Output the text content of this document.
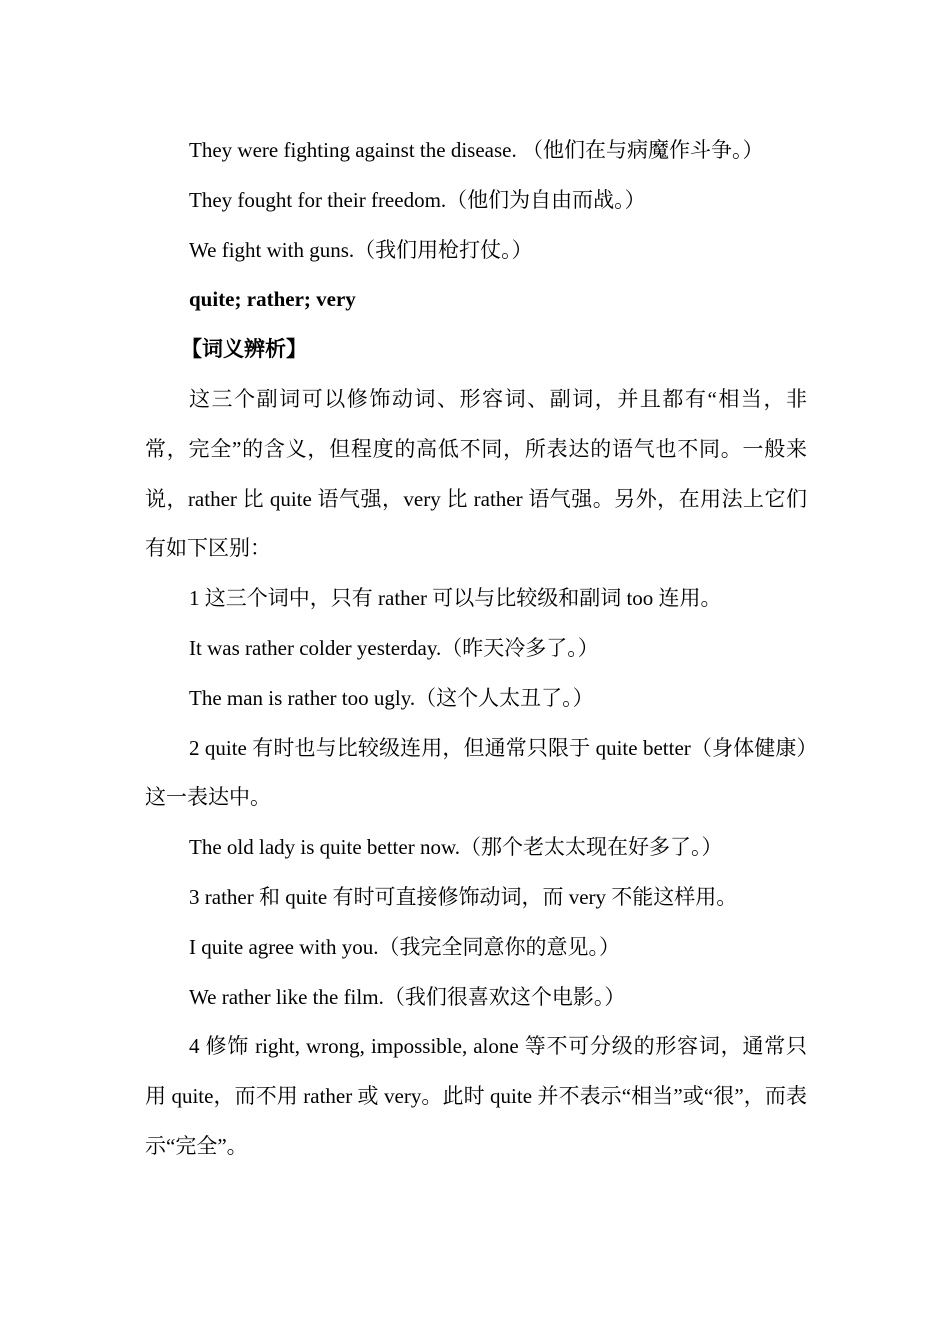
They were fighting against the disease. （他们在与病魔作斗争。）

They fought for their freedom.（他们为自由而战。）

We fight with guns.（我们用枪打仗。）

quite; rather; very

【词义辨析】

这三个副词可以修饰动词、形容词、副词，并且都有“相当，非常，完全”的含义，但程度的高低不同，所表达的语气也不同。一般来说，rather 比 quite 语气强，very 比 rather 语气强。另外，在用法上它们有如下区别：

1 这三个词中，只有 rather 可以与比较级和副词 too 连用。

It was rather colder yesterday.（昨天冷多了。）

The man is rather too ugly.（这个人太丑了。）

2 quite 有时也与比较级连用，但通常只限于 quite better（身体健康）这一表达中。

The old lady is quite better now.（那个老太太现在好多了。）

3 rather 和 quite 有时可直接修饰动词，而 very 不能这样用。

I quite agree with you.（我完全同意你的意见。）

We rather like the film.（我们很喜欢这个电影。）

4 修饰 right, wrong, impossible, alone 等不可分级的形容词，通常只用 quite，而不用 rather 或 very。此时 quite 并不表示“相当”或“很”，而表示“完全”。
